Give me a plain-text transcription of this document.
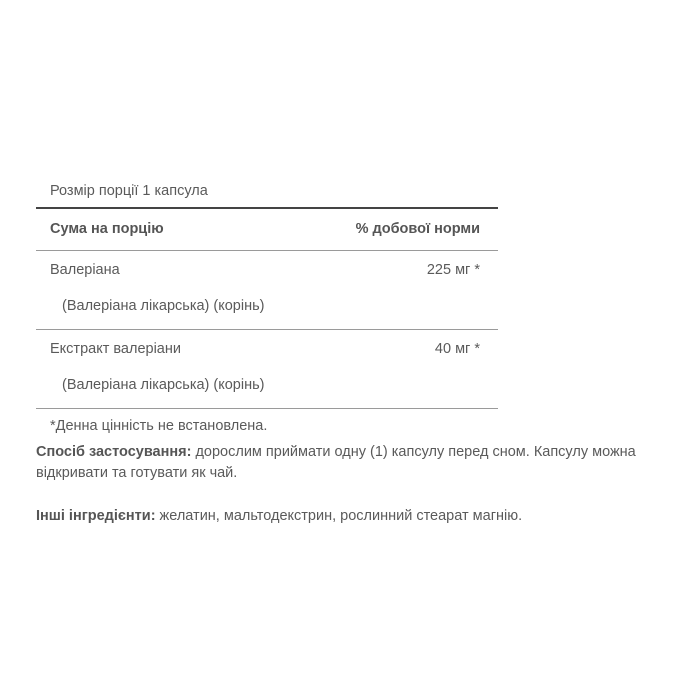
Розмір порції 1 капсула
Сума на порцію	% добової норми
Валеріана	225 мг *
(Валеріана лікарська) (корінь)
Екстракт валеріани	40 мг *
(Валеріана лікарська) (корінь)
*Денна цінність не встановлена.
Спосіб застосування: дорослим приймати одну (1) капсулу перед сном. Капсулу можна відкривати та готувати як чай.
Інші інгредієнти: желатин, мальтодекстрин, рослинний стеарат магнію.
